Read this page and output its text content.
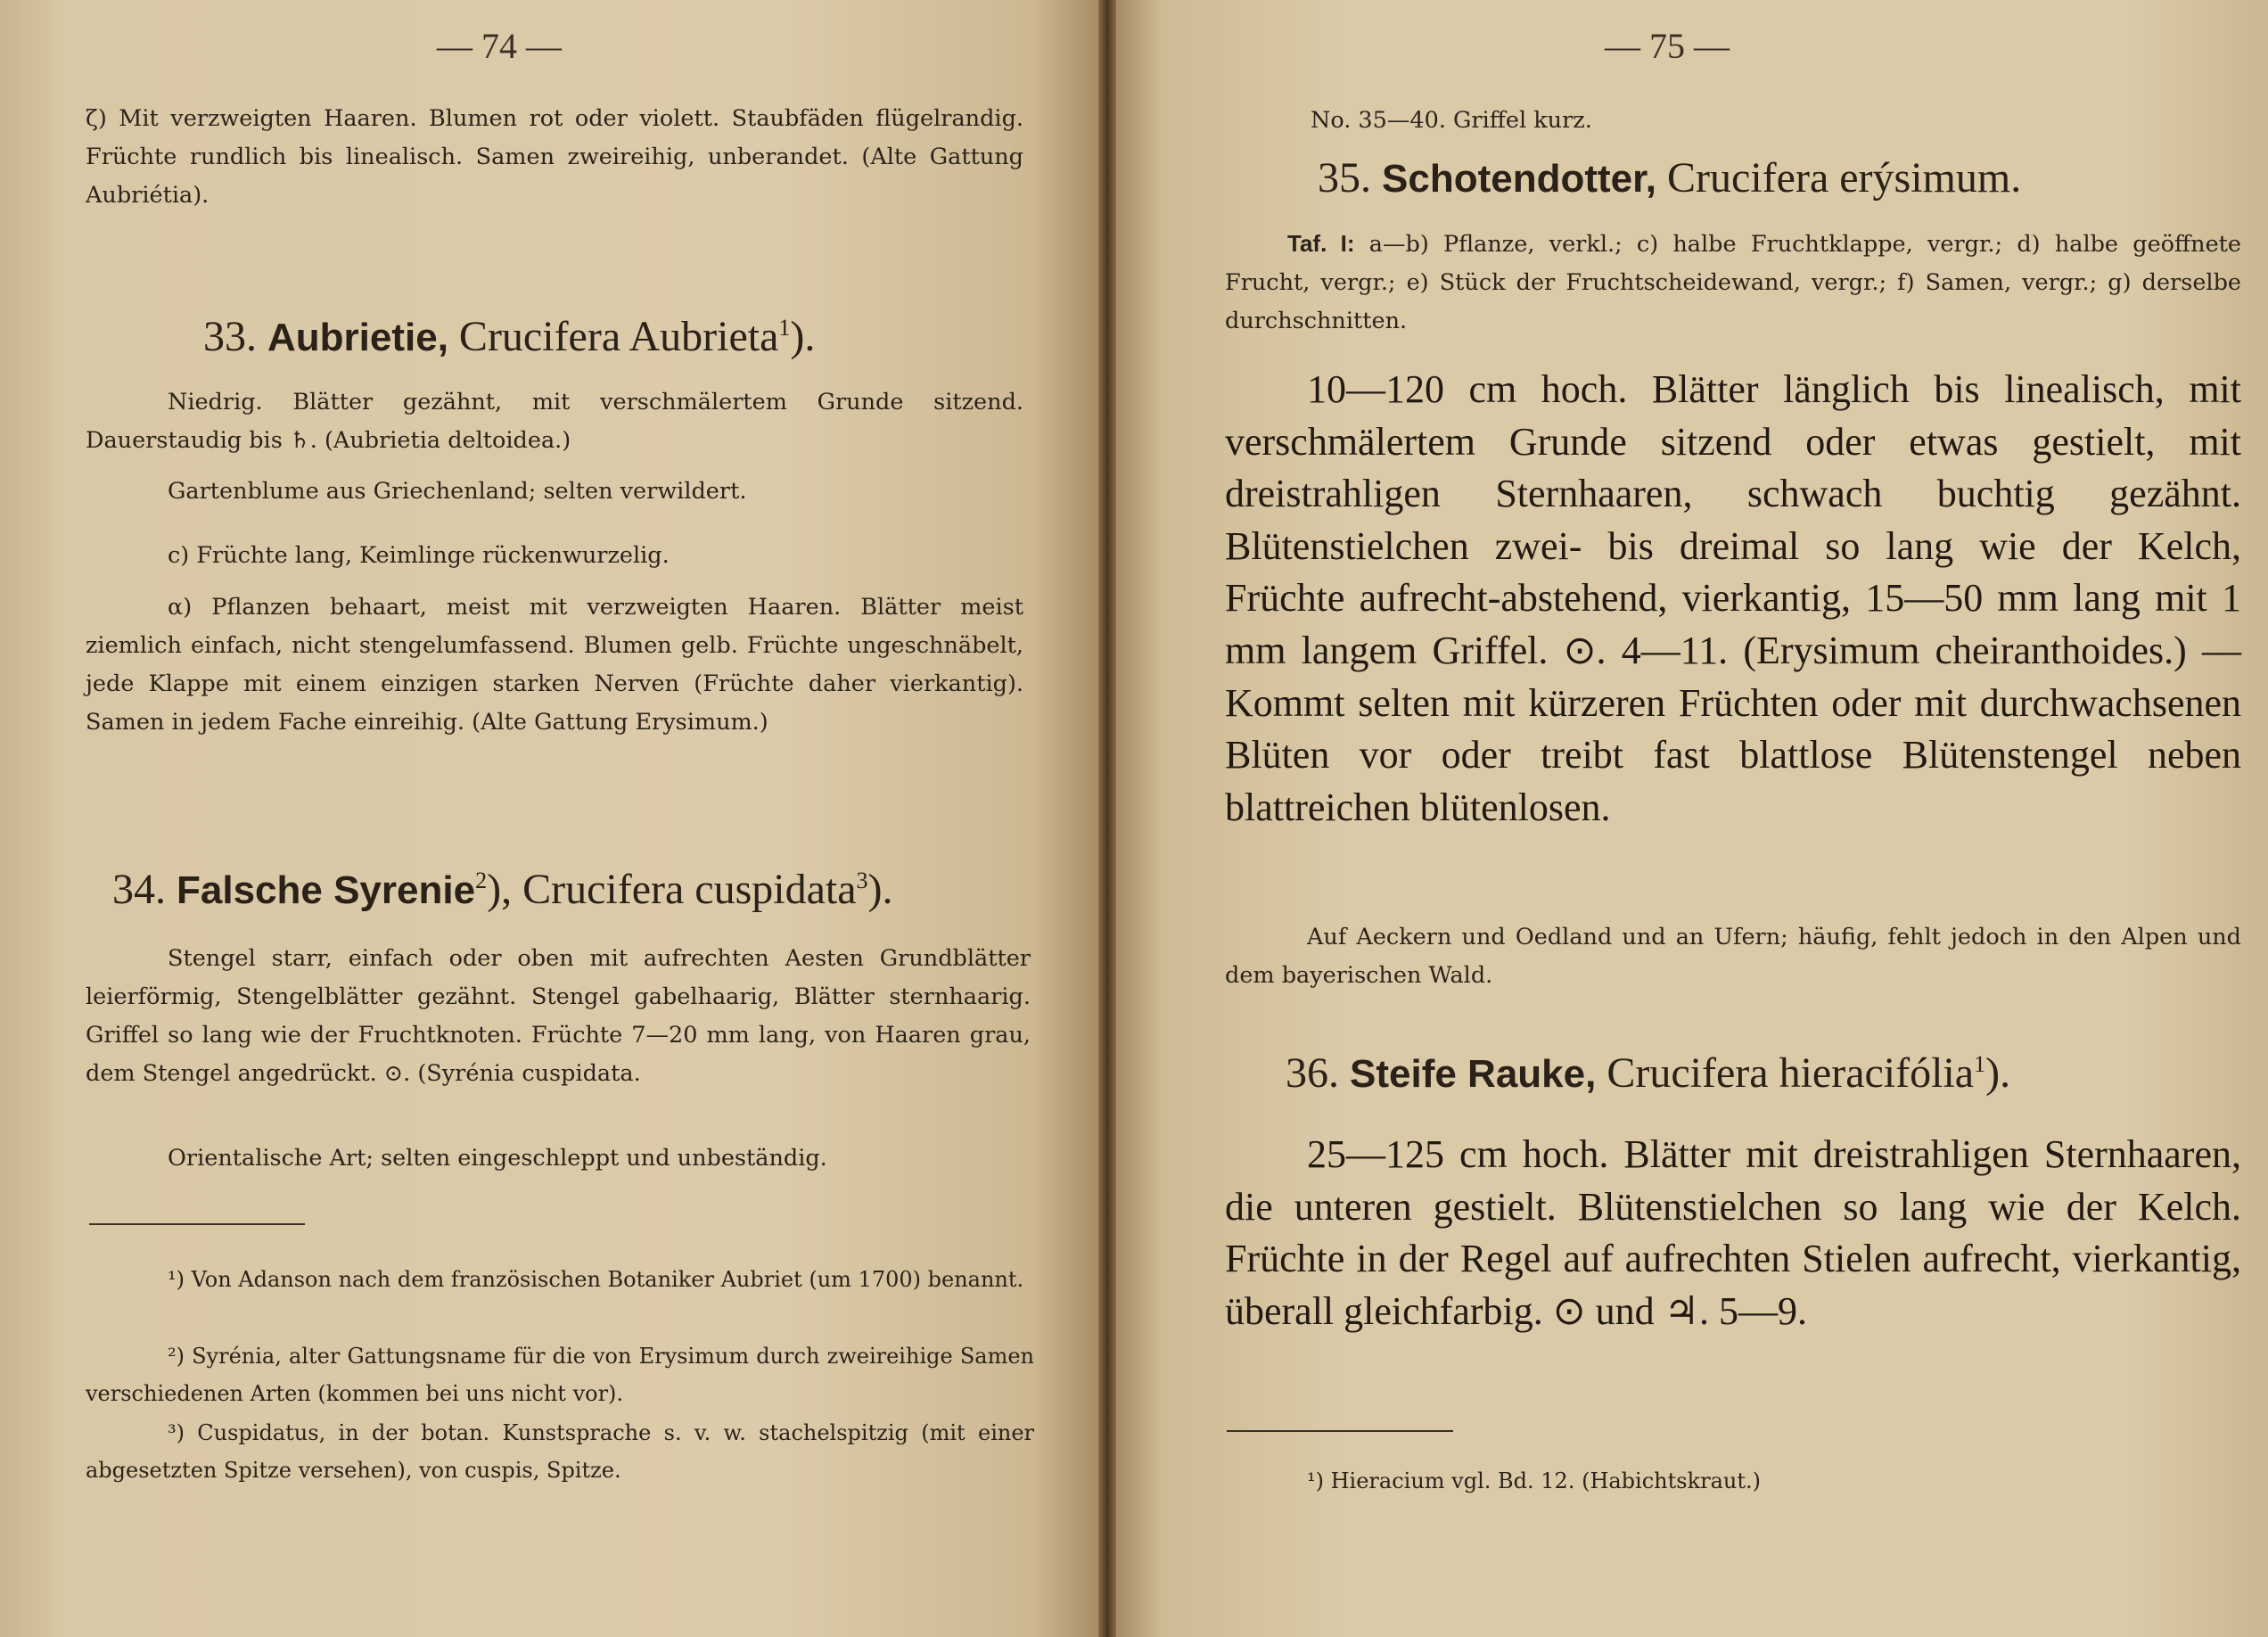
— 74 —
ζ) Mit verzweigten Haaren. Blumen rot oder violett. Staubfäden flügelrandig. Früchte rundlich bis linealisch. Samen zweireihig, unberandet. (Alte Gattung Aubriétia).
33. Aubrietie, Crucifera Aubrieta$^1$).
Niedrig. Blätter gezähnt, mit verschmälertem Grunde sitzend. Dauerstaudig bis ♄. (Aubrietia deltoidea.)
Gartenblume aus Griechenland; selten verwildert.
c) Früchte lang, Keimlinge rückenwurzelig.
α) Pflanzen behaart, meist mit verzweigten Haaren. Blätter meist ziemlich einfach, nicht stengelumfassend. Blumen gelb. Früchte ungeschnäbelt, jede Klappe mit einem einzigen starken Nerven (Früchte daher vierkantig). Samen in jedem Fache einreihig. (Alte Gattung Erysimum.)
34. Falsche Syrenie$^2$), Crucifera cuspidata$^3$).
Stengel starr, einfach oder oben mit aufrechten Aesten Grundblätter leierförmig, Stengelblätter gezähnt. Stengel gabelhaarig, Blätter sternhaarig. Griffel so lang wie der Fruchtknoten. Früchte 7—20 mm lang, von Haaren grau, dem Stengel angedrückt. ⊙. (Syrénia cuspidata.
Orientalische Art; selten eingeschleppt und unbeständig.
¹) Von Adanson nach dem französischen Botaniker Aubriet (um 1700) benannt.
²) Syrénia, alter Gattungsname für die von Erysimum durch zweireihige Samen verschiedenen Arten (kommen bei uns nicht vor).
³) Cuspidatus, in der botan. Kunstsprache s. v. w. stachelspitzig (mit einer abgesetzten Spitze versehen), von cuspis, Spitze.
— 75 —
No. 35—40. Griffel kurz.
35. Schotendotter, Crucifera erýsimum.
Taf. I: a—b) Pflanze, verkl.; c) halbe Fruchtklappe, vergr.; d) halbe geöffnete Frucht, vergr.; e) Stück der Fruchtscheidewand, vergr.; f) Samen, vergr.; g) derselbe durchschnitten.
10—120 cm hoch. Blätter länglich bis linealisch, mit verschmälertem Grunde sitzend oder etwas gestielt, mit dreistrahligen Sternhaaren, schwach buchtig gezähnt. Blütenstielchen zwei- bis dreimal so lang wie der Kelch, Früchte aufrecht-abstehend, vierkantig, 15—50 mm lang mit 1 mm langem Griffel. ⊙. 4—11. (Erysimum cheiranthoides.) — Kommt selten mit kürzeren Früchten oder mit durchwachsenen Blüten vor oder treibt fast blattlose Blütenstengel neben blattreichen blütenlosen.
Auf Aeckern und Oedland und an Ufern; häufig, fehlt jedoch in den Alpen und dem bayerischen Wald.
36. Steife Rauke, Crucifera hieracifólia$^1$).
25—125 cm hoch. Blätter mit dreistrahligen Sternhaaren, die unteren gestielt. Blütenstielchen so lang wie der Kelch. Früchte in der Regel auf aufrechten Stielen aufrecht, vierkantig, überall gleichfarbig. ⊙ und ♃. 5—9.
¹) Hieracium vgl. Bd. 12. (Habichtskraut.)
